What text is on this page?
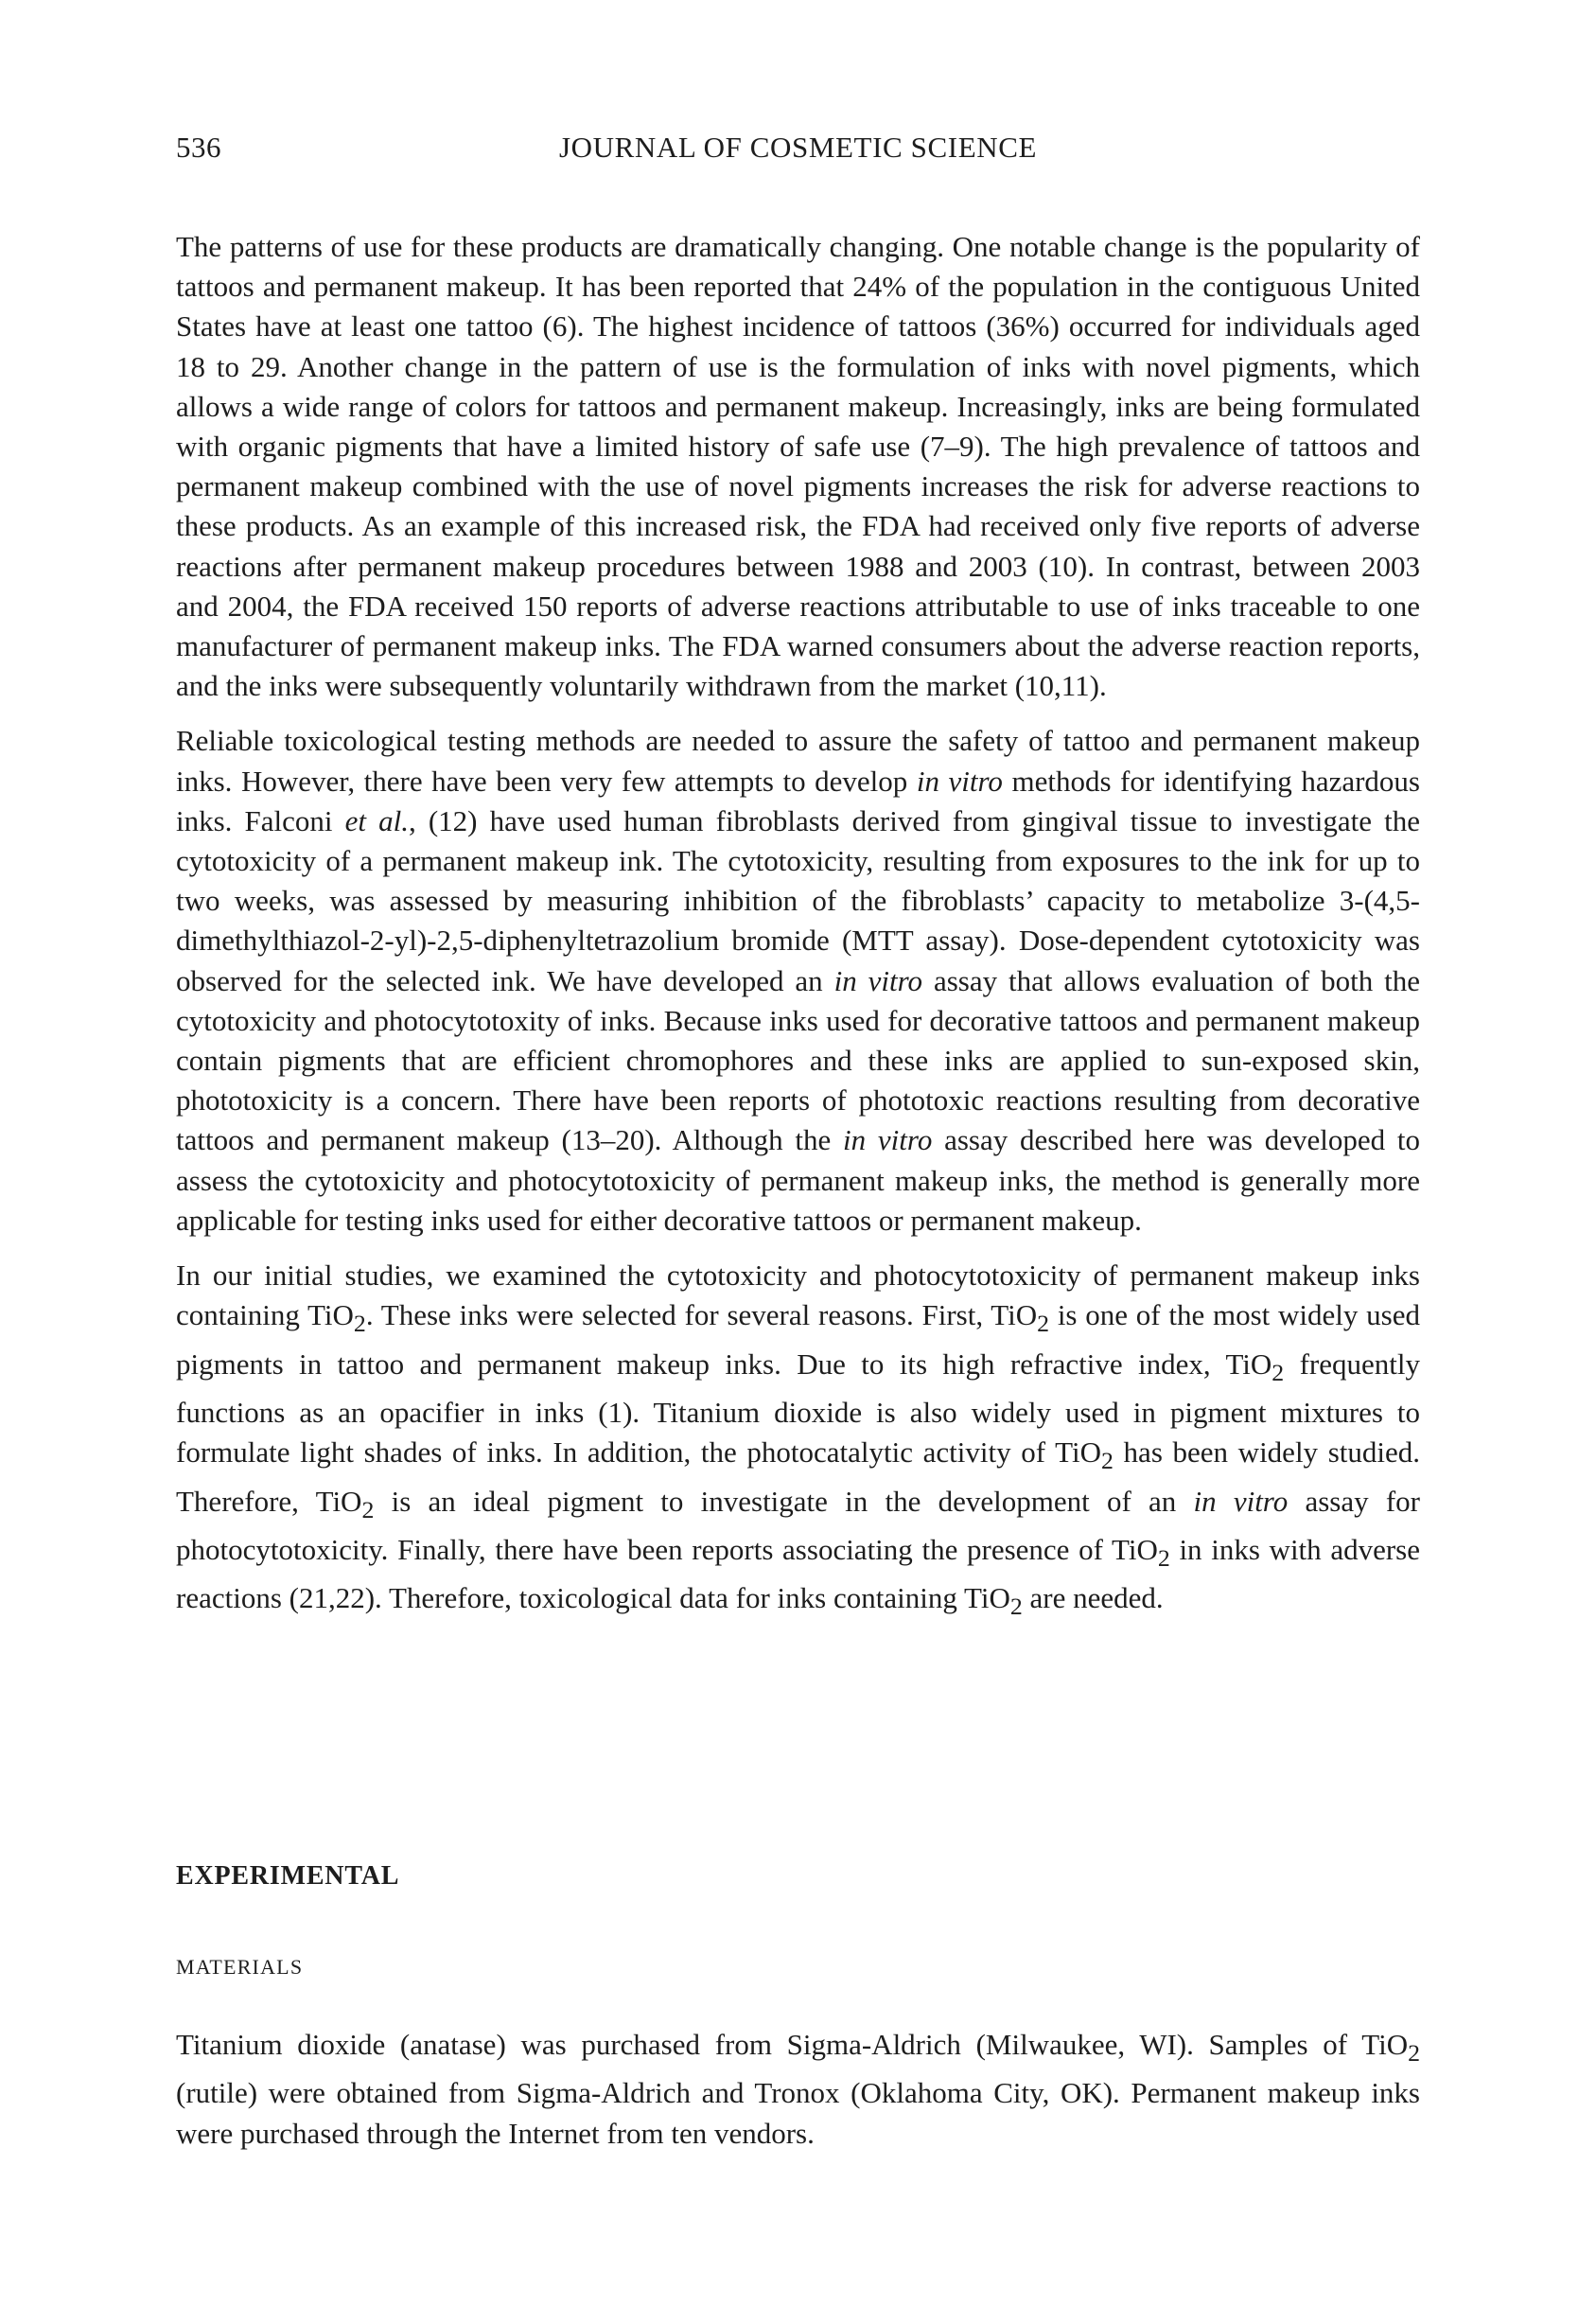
536	JOURNAL OF COSMETIC SCIENCE

The patterns of use for these products are dramatically changing. One notable change is the popularity of tattoos and permanent makeup. It has been reported that 24% of the population in the contiguous United States have at least one tattoo (6). The highest incidence of tattoos (36%) occurred for individuals aged 18 to 29. Another change in the pattern of use is the formulation of inks with novel pigments, which allows a wide range of colors for tattoos and permanent makeup. Increasingly, inks are being formulated with organic pigments that have a limited history of safe use (7–9). The high prevalence of tattoos and permanent makeup combined with the use of novel pigments increases the risk for adverse reactions to these products. As an example of this increased risk, the FDA had received only five reports of adverse reactions after permanent makeup procedures between 1988 and 2003 (10). In contrast, between 2003 and 2004, the FDA received 150 reports of adverse reactions attributable to use of inks traceable to one manufacturer of permanent makeup inks. The FDA warned consumers about the adverse reaction reports, and the inks were subsequently voluntarily withdrawn from the market (10,11).

Reliable toxicological testing methods are needed to assure the safety of tattoo and permanent makeup inks. However, there have been very few attempts to develop in vitro methods for identifying hazardous inks. Falconi et al., (12) have used human fibroblasts derived from gingival tissue to investigate the cytotoxicity of a permanent makeup ink. The cytotoxicity, resulting from exposures to the ink for up to two weeks, was assessed by measuring inhibition of the fibroblasts’ capacity to metabolize 3-(4,5-dimethylthiazol-2-yl)-2,5-diphenyltetrazolium bromide (MTT assay). Dose-dependent cytotoxicity was observed for the selected ink. We have developed an in vitro assay that allows evaluation of both the cytotoxicity and photocytotoxity of inks. Because inks used for decorative tattoos and permanent makeup contain pigments that are efficient chromophores and these inks are applied to sun-exposed skin, phototoxicity is a concern. There have been reports of phototoxic reactions resulting from decorative tattoos and permanent makeup (13–20). Although the in vitro assay described here was developed to assess the cytotoxicity and photocytotoxicity of permanent makeup inks, the method is generally more applicable for testing inks used for either decorative tattoos or permanent makeup.

In our initial studies, we examined the cytotoxicity and photocytotoxicity of permanent makeup inks containing TiO$_2$. These inks were selected for several reasons. First, TiO$_2$ is one of the most widely used pigments in tattoo and permanent makeup inks. Due to its high refractive index, TiO$_2$ frequently functions as an opacifier in inks (1). Titanium dioxide is also widely used in pigment mixtures to formulate light shades of inks. In addition, the photocatalytic activity of TiO$_2$ has been widely studied. Therefore, TiO$_2$ is an ideal pigment to investigate in the development of an in vitro assay for photocytotoxicity. Finally, there have been reports associating the presence of TiO$_2$ in inks with adverse reactions (21,22). Therefore, toxicological data for inks containing TiO$_2$ are needed.

EXPERIMENTAL
MATERIALS

Titanium dioxide (anatase) was purchased from Sigma-Aldrich (Milwaukee, WI). Samples of TiO$_2$ (rutile) were obtained from Sigma-Aldrich and Tronox (Oklahoma City, OK). Permanent makeup inks were purchased through the Internet from ten vendors.
